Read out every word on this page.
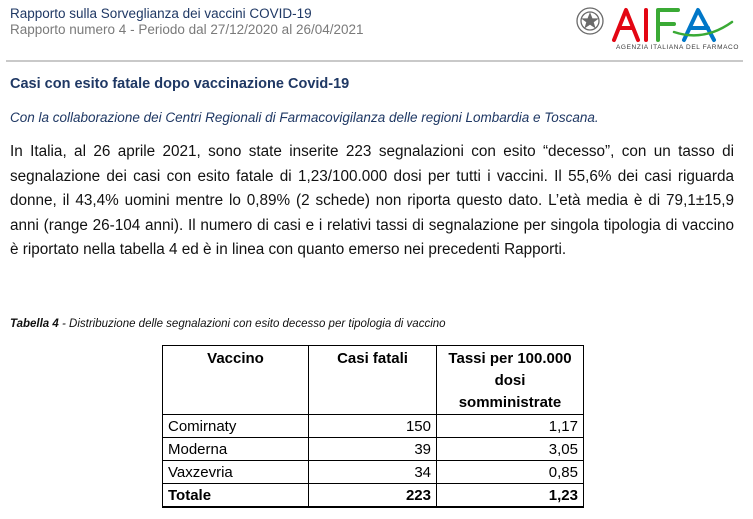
Rapporto sulla Sorveglianza dei vaccini COVID-19
Rapporto numero 4 - Periodo dal 27/12/2020 al 26/04/2021
AGENZIA ITALIANA DEL FARMACO
Casi con esito fatale dopo vaccinazione Covid-19
Con la collaborazione dei Centri Regionali di Farmacovigilanza delle regioni Lombardia e Toscana.
In Italia, al 26 aprile 2021, sono state inserite 223 segnalazioni con esito “decesso”, con un tasso di segnalazione dei casi con esito fatale di 1,23/100.000 dosi per tutti i vaccini. Il 55,6% dei casi riguarda donne, il 43,4% uomini mentre lo 0,89% (2 schede) non riporta questo dato. L’età media è di 79,1±15,9 anni (range 26-104 anni). Il numero di casi e i relativi tassi di segnalazione per singola tipologia di vaccino è riportato nella tabella 4 ed è in linea con quanto emerso nei precedenti Rapporti.
Tabella 4 - Distribuzione delle segnalazioni con esito decesso per tipologia di vaccino
Vaccino	Casi fatali	Tassi per 100.000 dosi somministrate
Comirnaty	150	1,17
Moderna	39	3,05
Vaxzevria	34	0,85
Totale	223	1,23
